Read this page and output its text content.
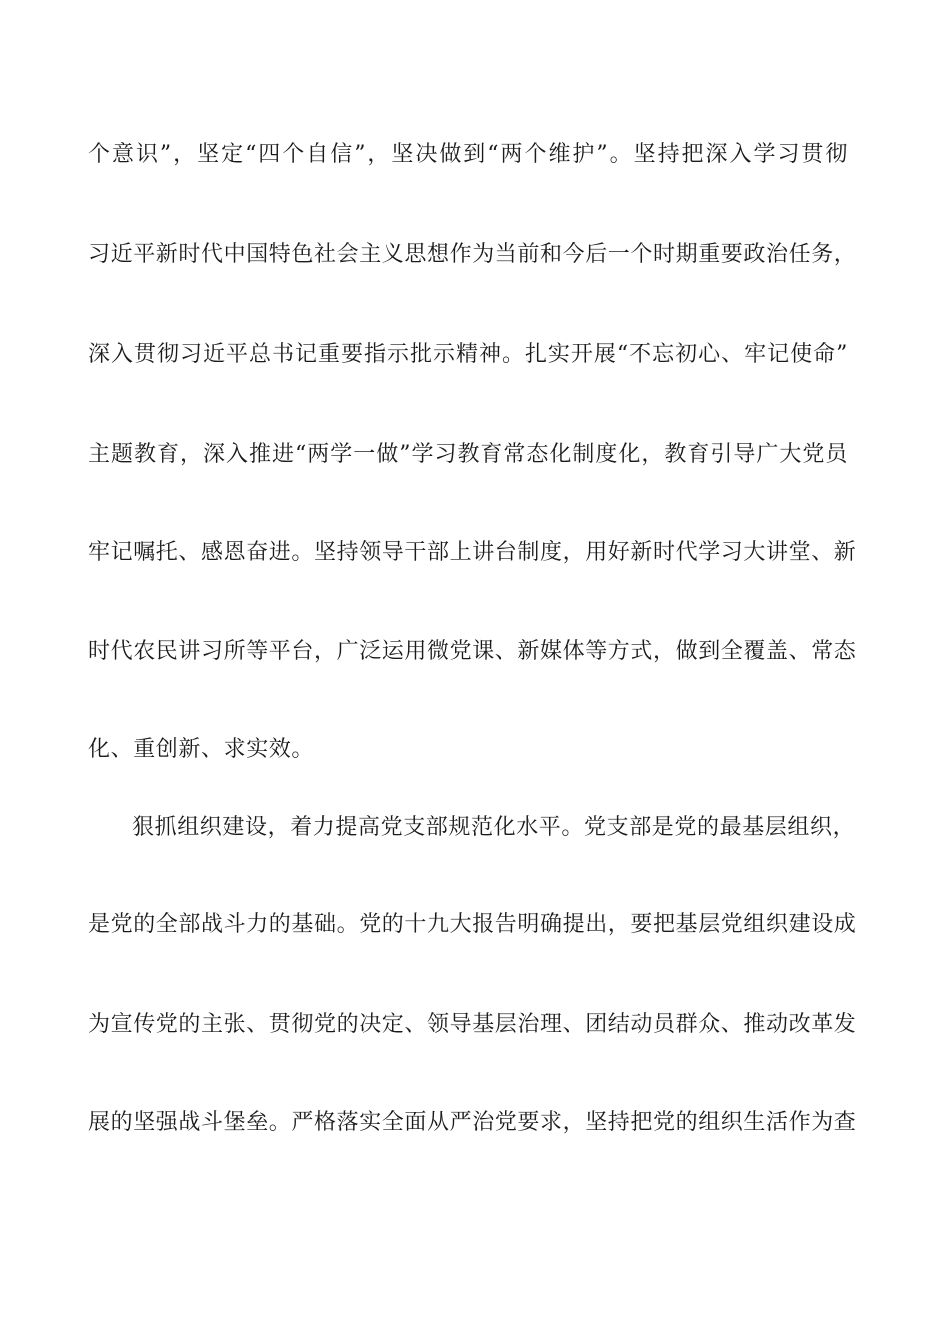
个意识”，坚定“四个自信”，坚决做到“两个维护”。坚持把深入学习贯彻
习近平新时代中国特色社会主义思想作为当前和今后一个时期重要政治任务，
深入贯彻习近平总书记重要指示批示精神。扎实开展“不忘初心、牢记使命”
主题教育，深入推进“两学一做”学习教育常态化制度化，教育引导广大党员
牢记嘱托、感恩奋进。坚持领导干部上讲台制度，用好新时代学习大讲堂、新
时代农民讲习所等平台，广泛运用微党课、新媒体等方式，做到全覆盖、常态
化、重创新、求实效。
狠抓组织建设，着力提高党支部规范化水平。党支部是党的最基层组织，
是党的全部战斗力的基础。党的十九大报告明确提出，要把基层党组织建设成
为宣传党的主张、贯彻党的决定、领导基层治理、团结动员群众、推动改革发
展的坚强战斗堡垒。严格落实全面从严治党要求，坚持把党的组织生活作为查
